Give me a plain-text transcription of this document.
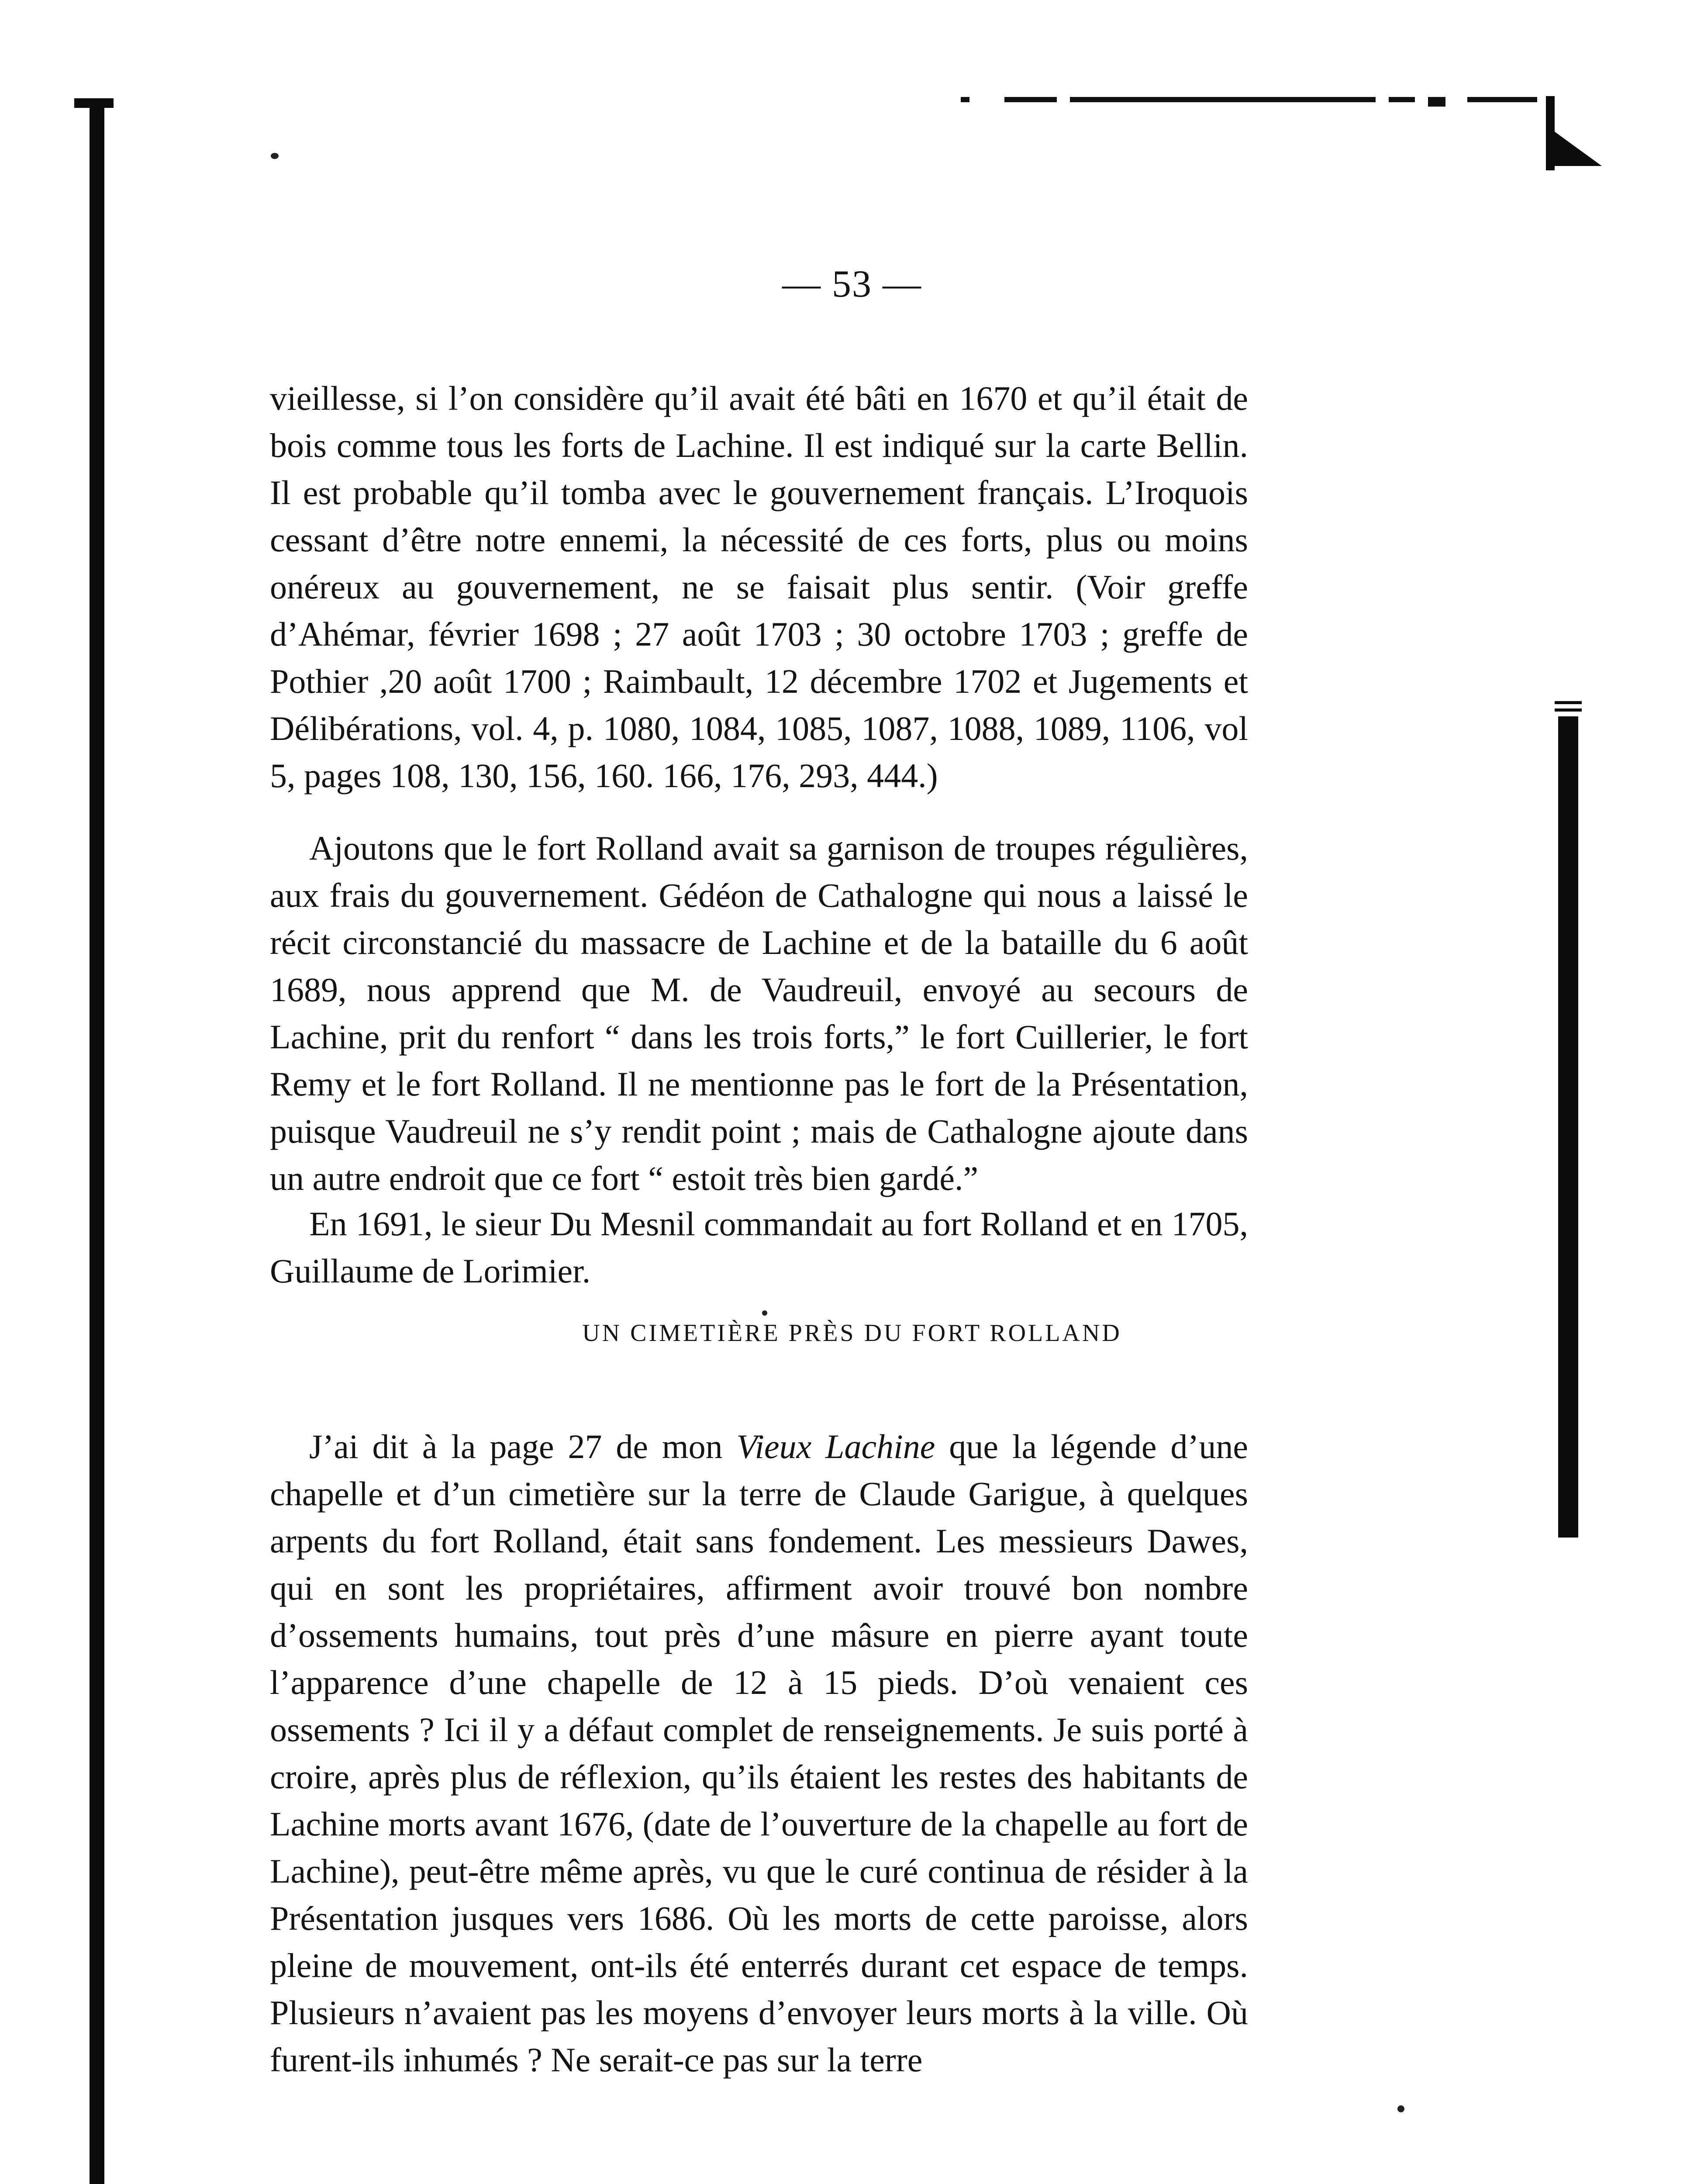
— 53 —

vieillesse, si l’on considère qu’il avait été bâti en 1670 et qu’il était de bois comme tous les forts de Lachine. Il est indiqué sur la carte Bellin. Il est probable qu’il tomba avec le gouvernement français. L’Iroquois cessant d’être notre ennemi, la nécessité de ces forts, plus ou moins onéreux au gouvernement, ne se faisait plus sentir. (Voir greffe d’Ahémar, février 1698 ; 27 août 1703 ; 30 octobre 1703 ; greffe de Pothier ,20 août 1700 ; Raimbault, 12 décembre 1702 et Jugements et Délibérations, vol. 4, p. 1080, 1084, 1085, 1087, 1088, 1089, 1106, vol 5, pages 108, 130, 156, 160. 166, 176, 293, 444.)

Ajoutons que le fort Rolland avait sa garnison de troupes régulières, aux frais du gouvernement. Gédéon de Cathalogne qui nous a laissé le récit circonstancié du massacre de Lachine et de la bataille du 6 août 1689, nous apprend que M. de Vaudreuil, envoyé au secours de Lachine, prit du renfort “ dans les trois forts,” le fort Cuillerier, le fort Remy et le fort Rolland. Il ne mentionne pas le fort de la Présentation, puisque Vaudreuil ne s’y rendit point ; mais de Cathalogne ajoute dans un autre endroit que ce fort “ estoit très bien gardé.”

En 1691, le sieur Du Mesnil commandait au fort Rolland et en 1705, Guillaume de Lorimier.

UN CIMETIÈRE PRÈS DU FORT ROLLAND

J’ai dit à la page 27 de mon Vieux Lachine que la légende d’une chapelle et d’un cimetière sur la terre de Claude Garigue, à quelques arpents du fort Rolland, était sans fondement. Les messieurs Dawes, qui en sont les propriétaires, affirment avoir trouvé bon nombre d’ossements humains, tout près d’une mâsure en pierre ayant toute l’apparence d’une chapelle de 12 à 15 pieds. D’où venaient ces ossements ? Ici il y a défaut complet de renseignements. Je suis porté à croire, après plus de réflexion, qu’ils étaient les restes des habitants de Lachine morts avant 1676, (date de l’ouverture de la chapelle au fort de Lachine), peut-être même après, vu que le curé continua de résider à la Présentation jusques vers 1686. Où les morts de cette paroisse, alors pleine de mouvement, ont-ils été enterrés durant cet espace de temps. Plusieurs n’avaient pas les moyens d’envoyer leurs morts à la ville. Où furent-ils inhumés ? Ne serait-ce pas sur la terre
